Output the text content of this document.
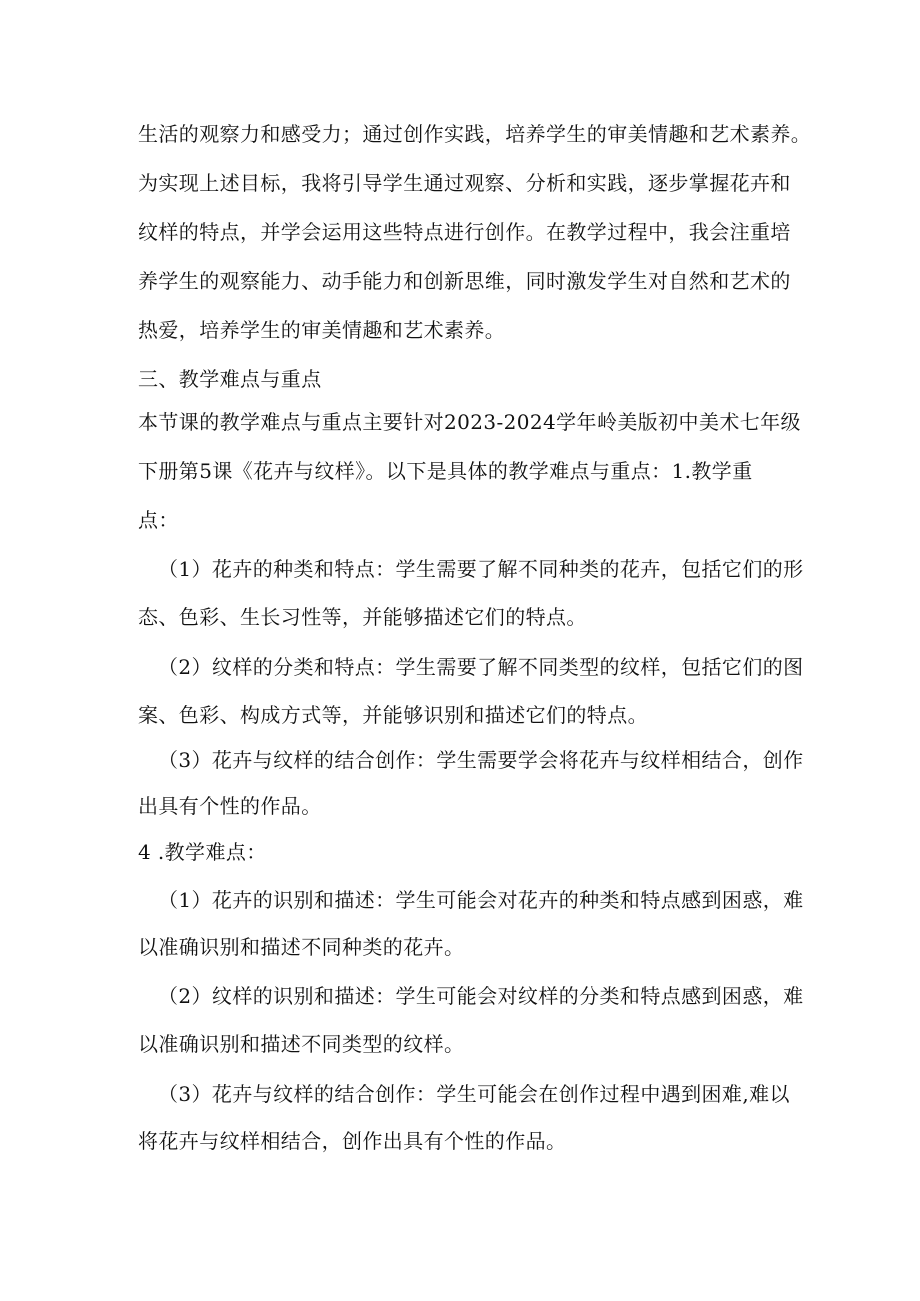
生活的观察力和感受力；通过创作实践，培养学生的审美情趣和艺术素养。
为实现上述目标，我将引导学生通过观察、分析和实践，逐步掌握花卉和
纹样的特点，并学会运用这些特点进行创作。在教学过程中，我会注重培
养学生的观察能力、动手能力和创新思维，同时激发学生对自然和艺术的
热爱，培养学生的审美情趣和艺术素养。
三、教学难点与重点
本节课的教学难点与重点主要针对2023-2024学年岭美版初中美术七年级
下册第5课《花卉与纹样》。以下是具体的教学难点与重点：1.教学重
点：
（1）花卉的种类和特点：学生需要了解不同种类的花卉，包括它们的形
态、色彩、生长习性等，并能够描述它们的特点。
（2）纹样的分类和特点：学生需要了解不同类型的纹样，包括它们的图
案、色彩、构成方式等，并能够识别和描述它们的特点。
（3）花卉与纹样的结合创作：学生需要学会将花卉与纹样相结合，创作
出具有个性的作品。
4 .教学难点：
（1）花卉的识别和描述：学生可能会对花卉的种类和特点感到困惑，难
以准确识别和描述不同种类的花卉。
（2）纹样的识别和描述：学生可能会对纹样的分类和特点感到困惑，难
以准确识别和描述不同类型的纹样。
（3）花卉与纹样的结合创作：学生可能会在创作过程中遇到困难,难以
将花卉与纹样相结合，创作出具有个性的作品。
